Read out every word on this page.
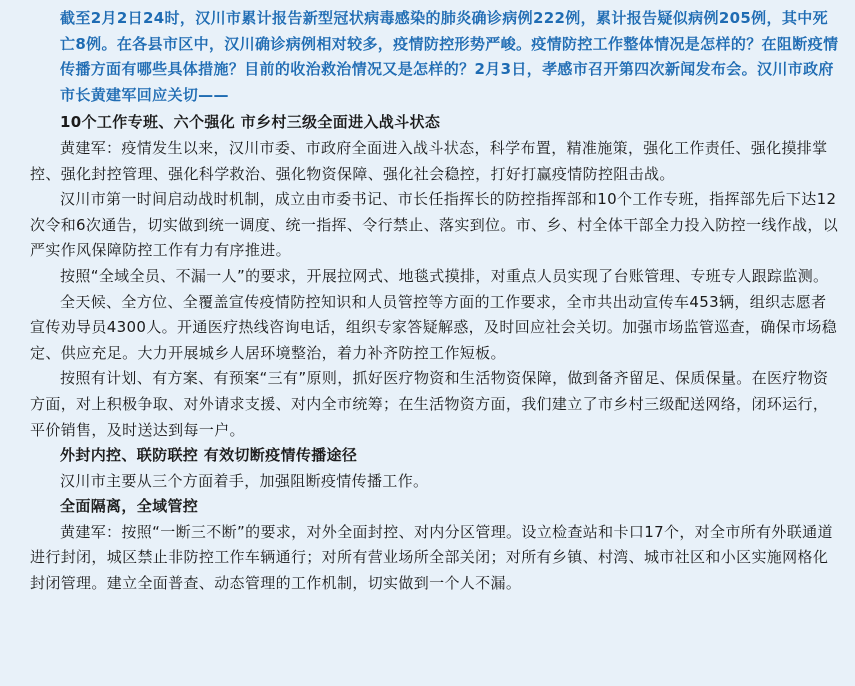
截至2月2日24时，汉川市累计报告新型冠状病毒感染的肺炎确诊病例222例，累计报告疑似病例205例，其中死亡8例。在各县市区中，汉川确诊病例相对较多，疫情防控形势严峻。疫情防控工作整体情况是怎样的？在阻断疫情传播方面有哪些具体措施？目前的收治救治情况又是怎样的？2月3日，孝感市召开第四次新闻发布会。汉川市政府市长黄建军回应关切——

10个工作专班、六个强化 市乡村三级全面进入战斗状态

黄建军：疫情发生以来，汉川市委、市政府全面进入战斗状态，科学布置，精准施策，强化工作责任、强化摸排掌控、强化封控管理、强化科学救治、强化物资保障、强化社会稳控，打好打赢疫情防控阻击战。

汉川市第一时间启动战时机制，成立由市委书记、市长任指挥长的防控指挥部和10个工作专班，指挥部先后下达12次令和6次通告，切实做到统一调度、统一指挥、令行禁止、落实到位。市、乡、村全体干部全力投入防控一线作战，以严实作风保障防控工作有力有序推进。

按照“全域全员、不漏一人”的要求，开展拉网式、地毯式摸排，对重点人员实现了台账管理、专班专人跟踪监测。

全天候、全方位、全覆盖宣传疫情防控知识和人员管控等方面的工作要求，全市共出动宣传车453辆，组织志愿者宣传劝导员4300人。开通医疗热线咨询电话，组织专家答疑解惑，及时回应社会关切。加强市场监管巡查，确保市场稳定、供应充足。大力开展城乡人居环境整治，着力补齐防控工作短板。

按照有计划、有方案、有预案“三有”原则，抓好医疗物资和生活物资保障，做到备齐留足、保质保量。在医疗物资方面，对上积极争取、对外请求支援、对内全市统筹；在生活物资方面，我们建立了市乡村三级配送网络，闭环运行，平价销售，及时送达到每一户。

外封内控、联防联控 有效切断疫情传播途径

汉川市主要从三个方面着手，加强阻断疫情传播工作。

全面隔离，全域管控

黄建军：按照“一断三不断”的要求，对外全面封控、对内分区管理。设立检查站和卡口17个，对全市所有外联通道进行封闭，城区禁止非防控工作车辆通行；对所有营业场所全部关闭；对所有乡镇、村湾、城市社区和小区实施网格化封闭管理。建立全面普查、动态管理的工作机制，切实做到一个人不漏。
